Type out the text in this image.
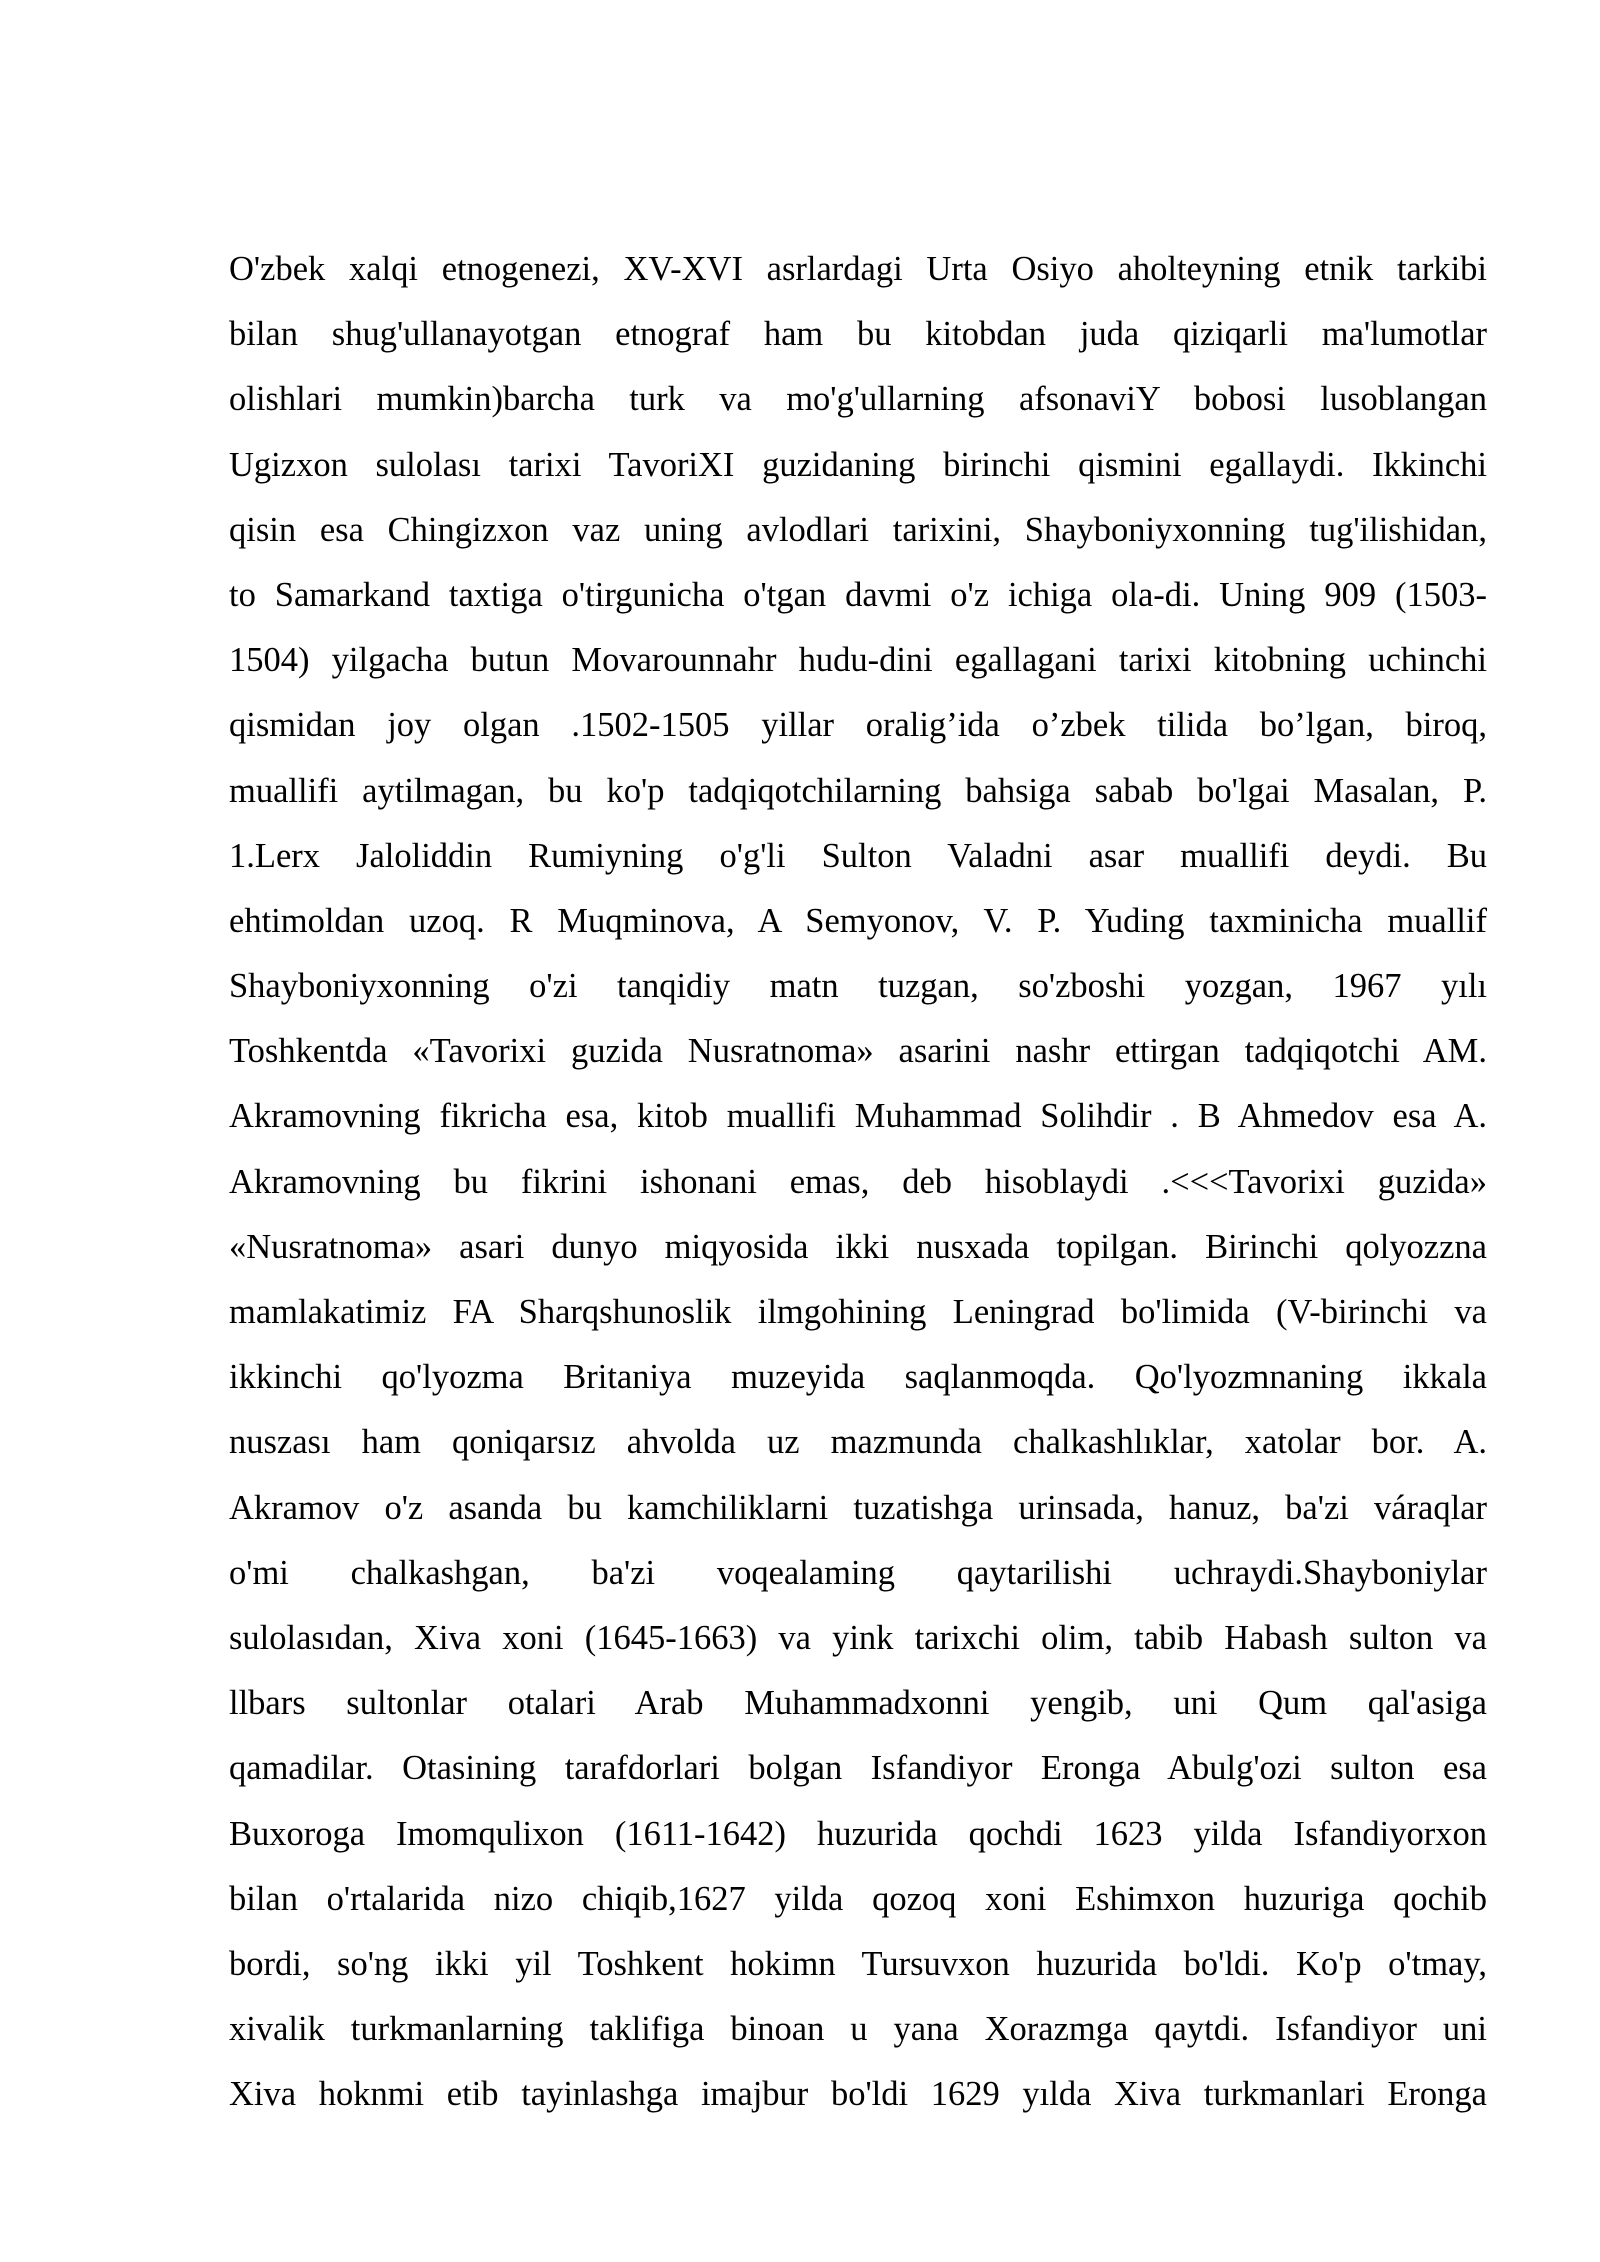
O'zbek xalqi etnogenezi, XV-XVI asrlardagi Urta Osiyo aholteyning etnik tarkibi
bilan shug'ullanayotgan etnograf ham bu kitobdan juda qiziqarli ma'lumotlar
olishlari mumkin)barcha turk va mo'g'ullarning afsonaviY bobosi lusoblangan
Ugizxon sulolası tarixi TavoriXI guzidaning birinchi qismini egallaydi. Ikkinchi
qisin esa Chingizxon vaz uning avlodlari tarixini, Shayboniyxonning tug'ilishidan,
to Samarkand taxtiga o'tirgunicha o'tgan davmi o'z ichiga ola-di. Uning 909 (1503-
1504) yilgacha butun Movarounnahr hudu-dini egallagani tarixi kitobning uchinchi
qismidan joy olgan .1502-1505 yillar oralig’ida o’zbek tilida bo’lgan, biroq,
muallifi aytilmagan, bu ko'p tadqiqotchilarning bahsiga sabab bo'lgai Masalan, P.
1.Lerx Jaloliddin Rumiyning o'g'li Sulton Valadni asar muallifi deydi. Bu
ehtimoldan uzoq. R Muqminova, A Semyonov, V. P. Yuding taxminicha muallif
Shayboniyxonning o'zi tanqidiy matn tuzgan, so'zboshi yozgan, 1967 yılı
Toshkentda «Tavorixi guzida Nusratnoma» asarini nashr ettirgan tadqiqotchi AM.
Akramovning fikricha esa, kitob muallifi Muhammad Solihdir . B Ahmedov esa A.
Akramovning bu fikrini ishonani emas, deb hisoblaydi .<<<Tavorixi guzida»
«Nusratnoma» asari dunyo miqyosida ikki nusxada topilgan. Birinchi qolyozzna
mamlakatimiz FA Sharqshunoslik ilmgohining Leningrad bo'limida (V-birinchi va
ikkinchi qo'lyozma Britaniya muzeyida saqlanmoqda. Qo'lyozmnaning ikkala
nuszası ham qoniqarsız ahvolda uz mazmunda chalkashlıklar, xatolar bor. A.
Akramov o'z asanda bu kamchiliklarni tuzatishga urinsada, hanuz, ba'zi váraqlar
o'mi chalkashgan, ba'zi voqealaming qaytarilishi uchraydi.Shayboniylar
sulolasıdan, Xiva xoni (1645-1663) va yink tarixchi olim, tabib Habash sulton va
llbars sultonlar otalari Arab Muhammadxonni yengib, uni Qum qal'asiga
qamadilar. Otasining tarafdorlari bolgan Isfandiyor Eronga Abulg'ozi sulton esa
Buxoroga Imomqulixon (1611-1642) huzurida qochdi 1623 yilda Isfandiyorxon
bilan o'rtalarida nizo chiqib,1627 yilda qozoq xoni Eshimxon huzuriga qochib
bordi, so'ng ikki yil Toshkent hokimn Tursuvxon huzurida bo'ldi. Ko'p o'tmay,
xivalik turkmanlarning taklifiga binoan u yana Xorazmga qaytdi. Isfandiyor uni
Xiva hoknmi etib tayinlashga imajbur bo'ldi 1629 yılda Xiva turkmanlari Eronga
